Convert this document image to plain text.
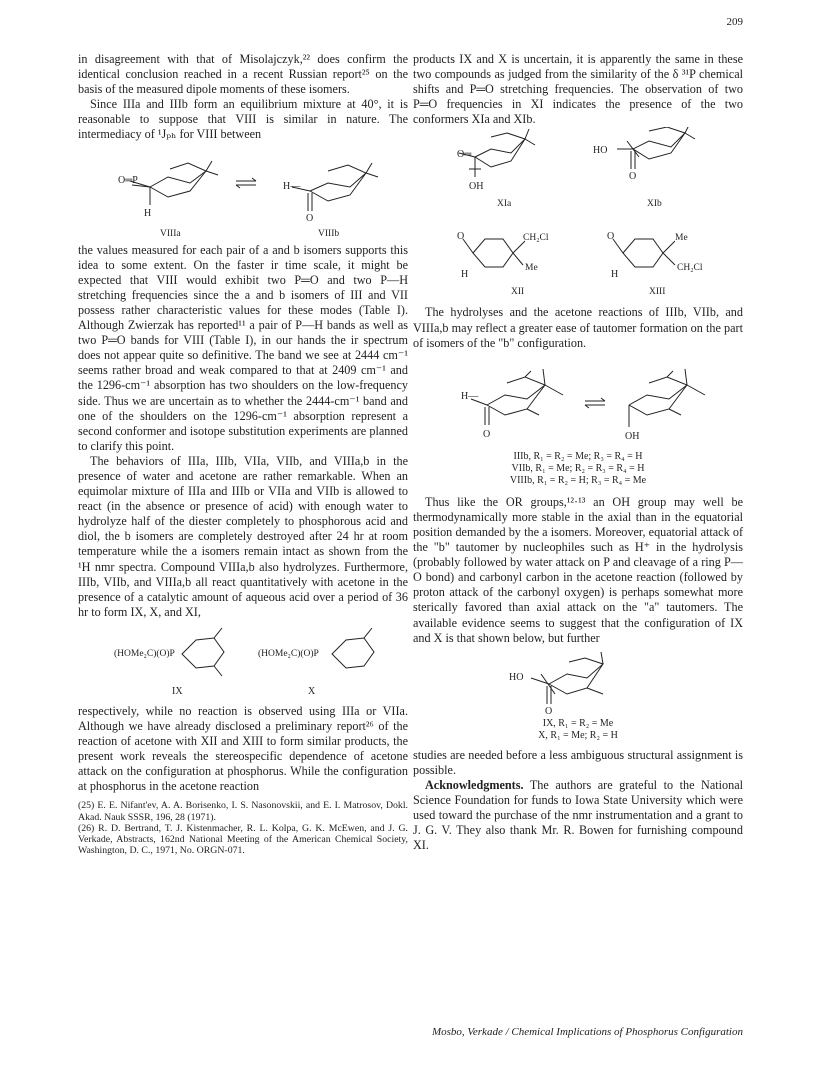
209

in disagreement with that of Misolajczyk,²² does confirm the identical conclusion reached in a recent Russian report²⁵ on the basis of the measured dipole moments of these isomers.

Since IIIa and IIIb form an equilibrium mixture at 40°, it is reasonable to suppose that VIII is similar in nature. The intermediacy of ¹Jₚₕ for VIII between

O═P
H
H—
O
VIIIa	VIIIb

the values measured for each pair of a and b isomers supports this idea to some extent. On the faster ir time scale, it might be expected that VIII would exhibit two P═O and two P—H stretching frequencies since the a and b isomers of III and VII possess rather characteristic values for these modes (Table I). Although Zwierzak has reported¹¹ a pair of P—H bands as well as two P═O bands for VIII (Table I), in our hands the ir spectrum does not appear quite so definitive. The band we see at 2444 cm⁻¹ seems rather broad and weak compared to that at 2409 cm⁻¹ and the 1296-cm⁻¹ absorption has two shoulders on the low-frequency side. Thus we are uncertain as to whether the 2444-cm⁻¹ band and one of the shoulders on the 1296-cm⁻¹ absorption represent a second conformer and isotope substitution experiments are planned to clarify this point.

The behaviors of IIIa, IIIb, VIIa, VIIb, and VIIIa,b in the presence of water and acetone are rather remarkable. When an equimolar mixture of IIIa and IIIb or VIIa and VIIb is allowed to react (in the absence or presence of acid) with enough water to hydrolyze half of the diester completely to phosphorous acid and diol, the b isomers are completely destroyed after 24 hr at room temperature while the a isomers remain intact as shown from the ¹H nmr spectra. Compound VIIIa,b also hydrolyzes. Furthermore, IIIb, VIIb, and VIIIa,b all react quantitatively with acetone in the presence of a catalytic amount of aqueous acid over a period of 36 hr to form IX, X, and XI,

(HOMe₂C)(O)P	(HOMe₂C)(O)P
IX	X

respectively, while no reaction is observed using IIIa or VIIa. Although we have already disclosed a preliminary report²⁶ of the reaction of acetone with XII and XIII to form similar products, the present work reveals the stereospecific dependence of acetone attack on the configuration at phosphorus. While the configuration at phosphorus in the acetone reaction

(25) E. E. Nifant'ev, A. A. Borisenko, I. S. Nasonovskii, and E. I. Matrosov, Dokl. Akad. Nauk SSSR, 196, 28 (1971).

(26) R. D. Bertrand, T. J. Kistenmacher, R. L. Kolpa, G. K. McEwen, and J. G. Verkade, Abstracts, 162nd National Meeting of the American Chemical Society, Washington, D. C., 1971, No. ORGN-071.

products IX and X is uncertain, it is apparently the same in these two compounds as judged from the similarity of the δ ³¹P chemical shifts and P═O stretching frequencies. The observation of two P═O frequencies in XI indicates the presence of the two conformers XIa and XIb.

O═
OH
HO
O
XIa	XIb
O
H
CH₂Cl
Me
O
H
Me
CH₂Cl
XII	XIII

The hydrolyses and the acetone reactions of IIIb, VIIb, and VIIIa,b may reflect a greater ease of tautomer formation on the part of isomers of the "b" configuration.

H—
O	OH
IIIb, R₁ = R₂ = Me; R₃ = R₄ = H
VIIb, R₁ = Me; R₂ = R₃ = R₄ = H
VIIIb, R₁ = R₂ = H; R₃ = R₄ = Me

Thus like the OR groups,¹²·¹³ an OH group may well be thermodynamically more stable in the axial than in the equatorial position demanded by the a isomers. Moreover, equatorial attack of the "b" tautomer by nucleophiles such as H⁺ in the hydrolysis (probably followed by water attack on P and cleavage of a ring P—O bond) and carbonyl carbon in the acetone reaction (followed by proton attack of the carbonyl oxygen) is perhaps somewhat more sterically favored than axial attack on the "a" tautomers. The available evidence seems to suggest that the configuration of IX and X is that shown below, but further

HO
O
IX, R₁ = R₂ = Me
X, R₁ = Me; R₂ = H

studies are needed before a less ambiguous structural assignment is possible.

Acknowledgments. The authors are grateful to the National Science Foundation for funds to Iowa State University which were used toward the purchase of the nmr instrumentation and a grant to J. G. V. They also thank Mr. R. Bowen for furnishing compound XI.

Mosbo, Verkade / Chemical Implications of Phosphorus Configuration
